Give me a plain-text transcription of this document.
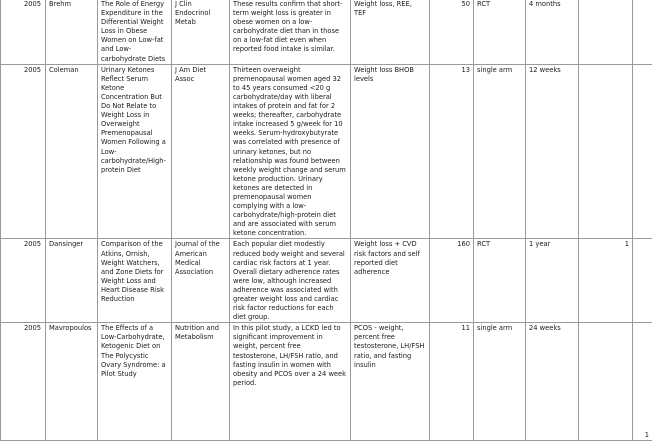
2005	Brehm	The Role of Energy Expenditure in the Differential Weight Loss in Obese Women on Low-fat and Low-carbohydrate Diets	J Clin Endocrinol Metab	These results confirm that short-term weight loss is greater in obese women on a low-carbohydrate diet than in those on a low-fat diet even when reported food intake is similar.	Weight loss, REE, TEF	50	RCT	4 months		
2005	Coleman	Urinary Ketones Reflect Serum Ketone Concentration But Do Not Relate to Weight Loss in Overweight Premenopausal Women Following a Low-carbohydrate/High-protein Diet	J Am Diet Assoc	Thirteen overweight premenopausal women aged 32 to 45 years consumed <20 g carbohydrate/day with liberal intakes of protein and fat for 2 weeks; thereafter, carbohydrate intake increased 5 g/week for 10 weeks. Serum-hydroxybutyrate was correlated with presence of urinary ketones, but no relationship was found between weekly weight change and serum ketone production. Urinary ketones are detected in premenopausal women complying with a low-carbohydrate/high-protein diet and are associated with serum ketone concentration.	Weight loss BHOB levels	13	single arm	12 weeks		
2005	Dansinger	Comparison of the Atkins, Ornish, Weight Watchers, and Zone Diets for Weight Loss and Heart Disease Risk Reduction	Journal of the American Medical Association	Each popular diet modestly reduced body weight and several cardiac risk factors at 1 year. Overall dietary adherence rates were low, although increased adherence was associated with greater weight loss and cardiac risk factor reductions for each diet group.	Weight loss + CVD risk factors and self reported diet adherence	160	RCT	1 year	1	
2005	Mavropoulos	The Effects of a Low-Carbohydrate, Ketogenic Diet on The Polycystic Ovary Syndrome: a Pilot Study	Nutrition and Metabolism	In this pilot study, a LCKD led to significant improvement in weight, percent free testosterone, LH/FSH ratio, and fasting insulin in women with obesity and PCOS over a 24 week period.	PCOS - weight, percent free testosterone, LH/FSH ratio, and fasting insulin	11	single arm	24 weeks		1
